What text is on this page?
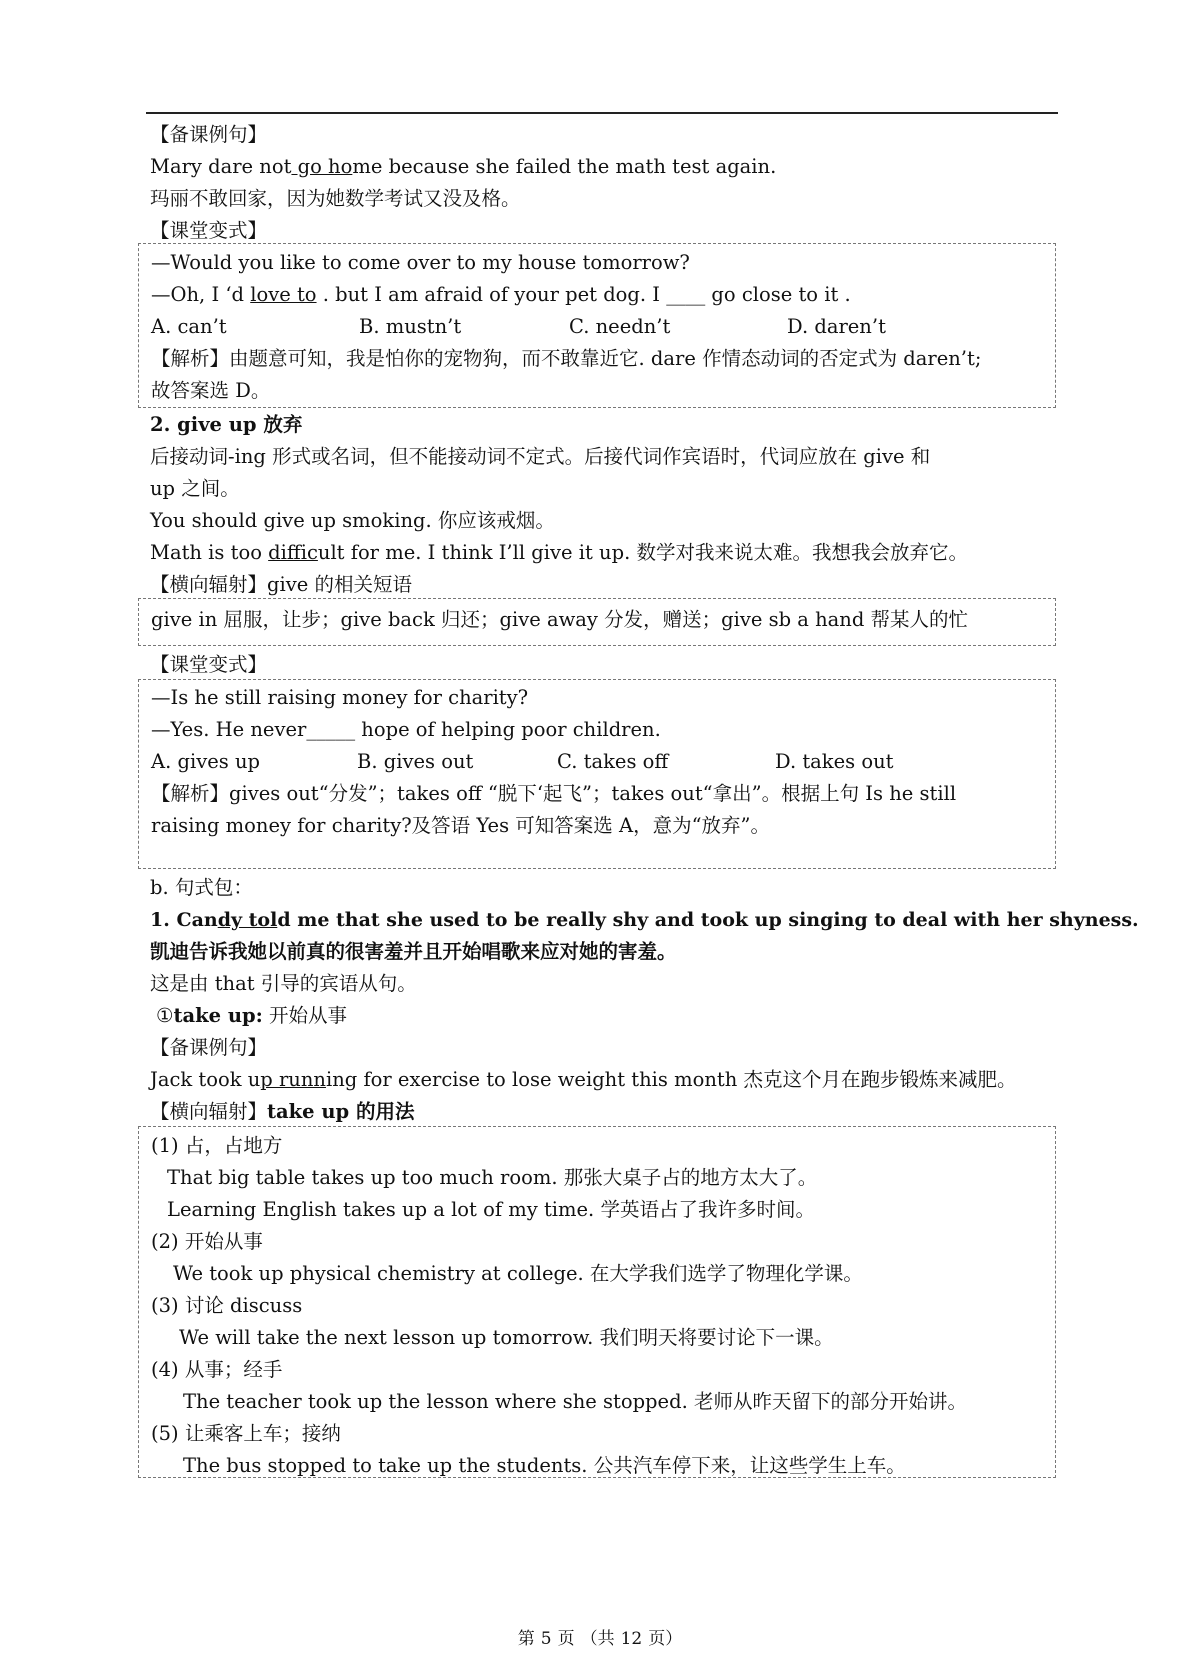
【备课例句】
Mary dare not go home because she failed the math test again.
玛丽不敢回家，因为她数学考试又没及格。
【课堂变式】
—Would you like to come over to my house tomorrow?
—Oh, I ‘d love to . but I am afraid of your pet dog. I ____ go close to it .
A. can’t	B. mustn’t	C. needn’t	D. daren’t
【解析】由题意可知，我是怕你的宠物狗，而不敢靠近它. dare 作情态动词的否定式为 daren’t;
故答案选 D。
2. give up 放弃
后接动词-ing 形式或名词，但不能接动词不定式。后接代词作宾语时，代词应放在 give 和
up 之间。
You should give up smoking. 你应该戒烟。
Math is too difficult for me. I think I’ll give it up. 数学对我来说太难。我想我会放弃它。
【横向辐射】give 的相关短语
give in 屈服，让步；give back 归还；give away 分发，赠送；give sb a hand 帮某人的忙
【课堂变式】
—Is he still raising money for charity?
—Yes. He never_____ hope of helping poor children.
A. gives up	B. gives out	C. takes off	D. takes out
【解析】gives out“分发”；takes off “脱下‘起飞”；takes out“拿出”。根据上句 Is he still
raising money for charity?及答语 Yes 可知答案选 A，意为“放弃”。
b. 句式包：
1. Candy told me that she used to be really shy and took up singing to deal with her shyness.
凯迪告诉我她以前真的很害羞并且开始唱歌来应对她的害羞。
这是由 that 引导的宾语从句。
①take up: 开始从事
【备课例句】
Jack took up running for exercise to lose weight this month 杰克这个月在跑步锻炼来减肥。
【横向辐射】take up 的用法
(1) 占，占地方
That big table takes up too much room. 那张大桌子占的地方太大了。
Learning English takes up a lot of my time. 学英语占了我许多时间。
(2) 开始从事
We took up physical chemistry at college. 在大学我们选学了物理化学课。
(3) 讨论 discuss
We will take the next lesson up tomorrow. 我们明天将要讨论下一课。
(4) 从事；经手
The teacher took up the lesson where she stopped. 老师从昨天留下的部分开始讲。
(5) 让乘客上车；接纳
The bus stopped to take up the students. 公共汽车停下来，让这些学生上车。
第 5 页 （共 12 页）
